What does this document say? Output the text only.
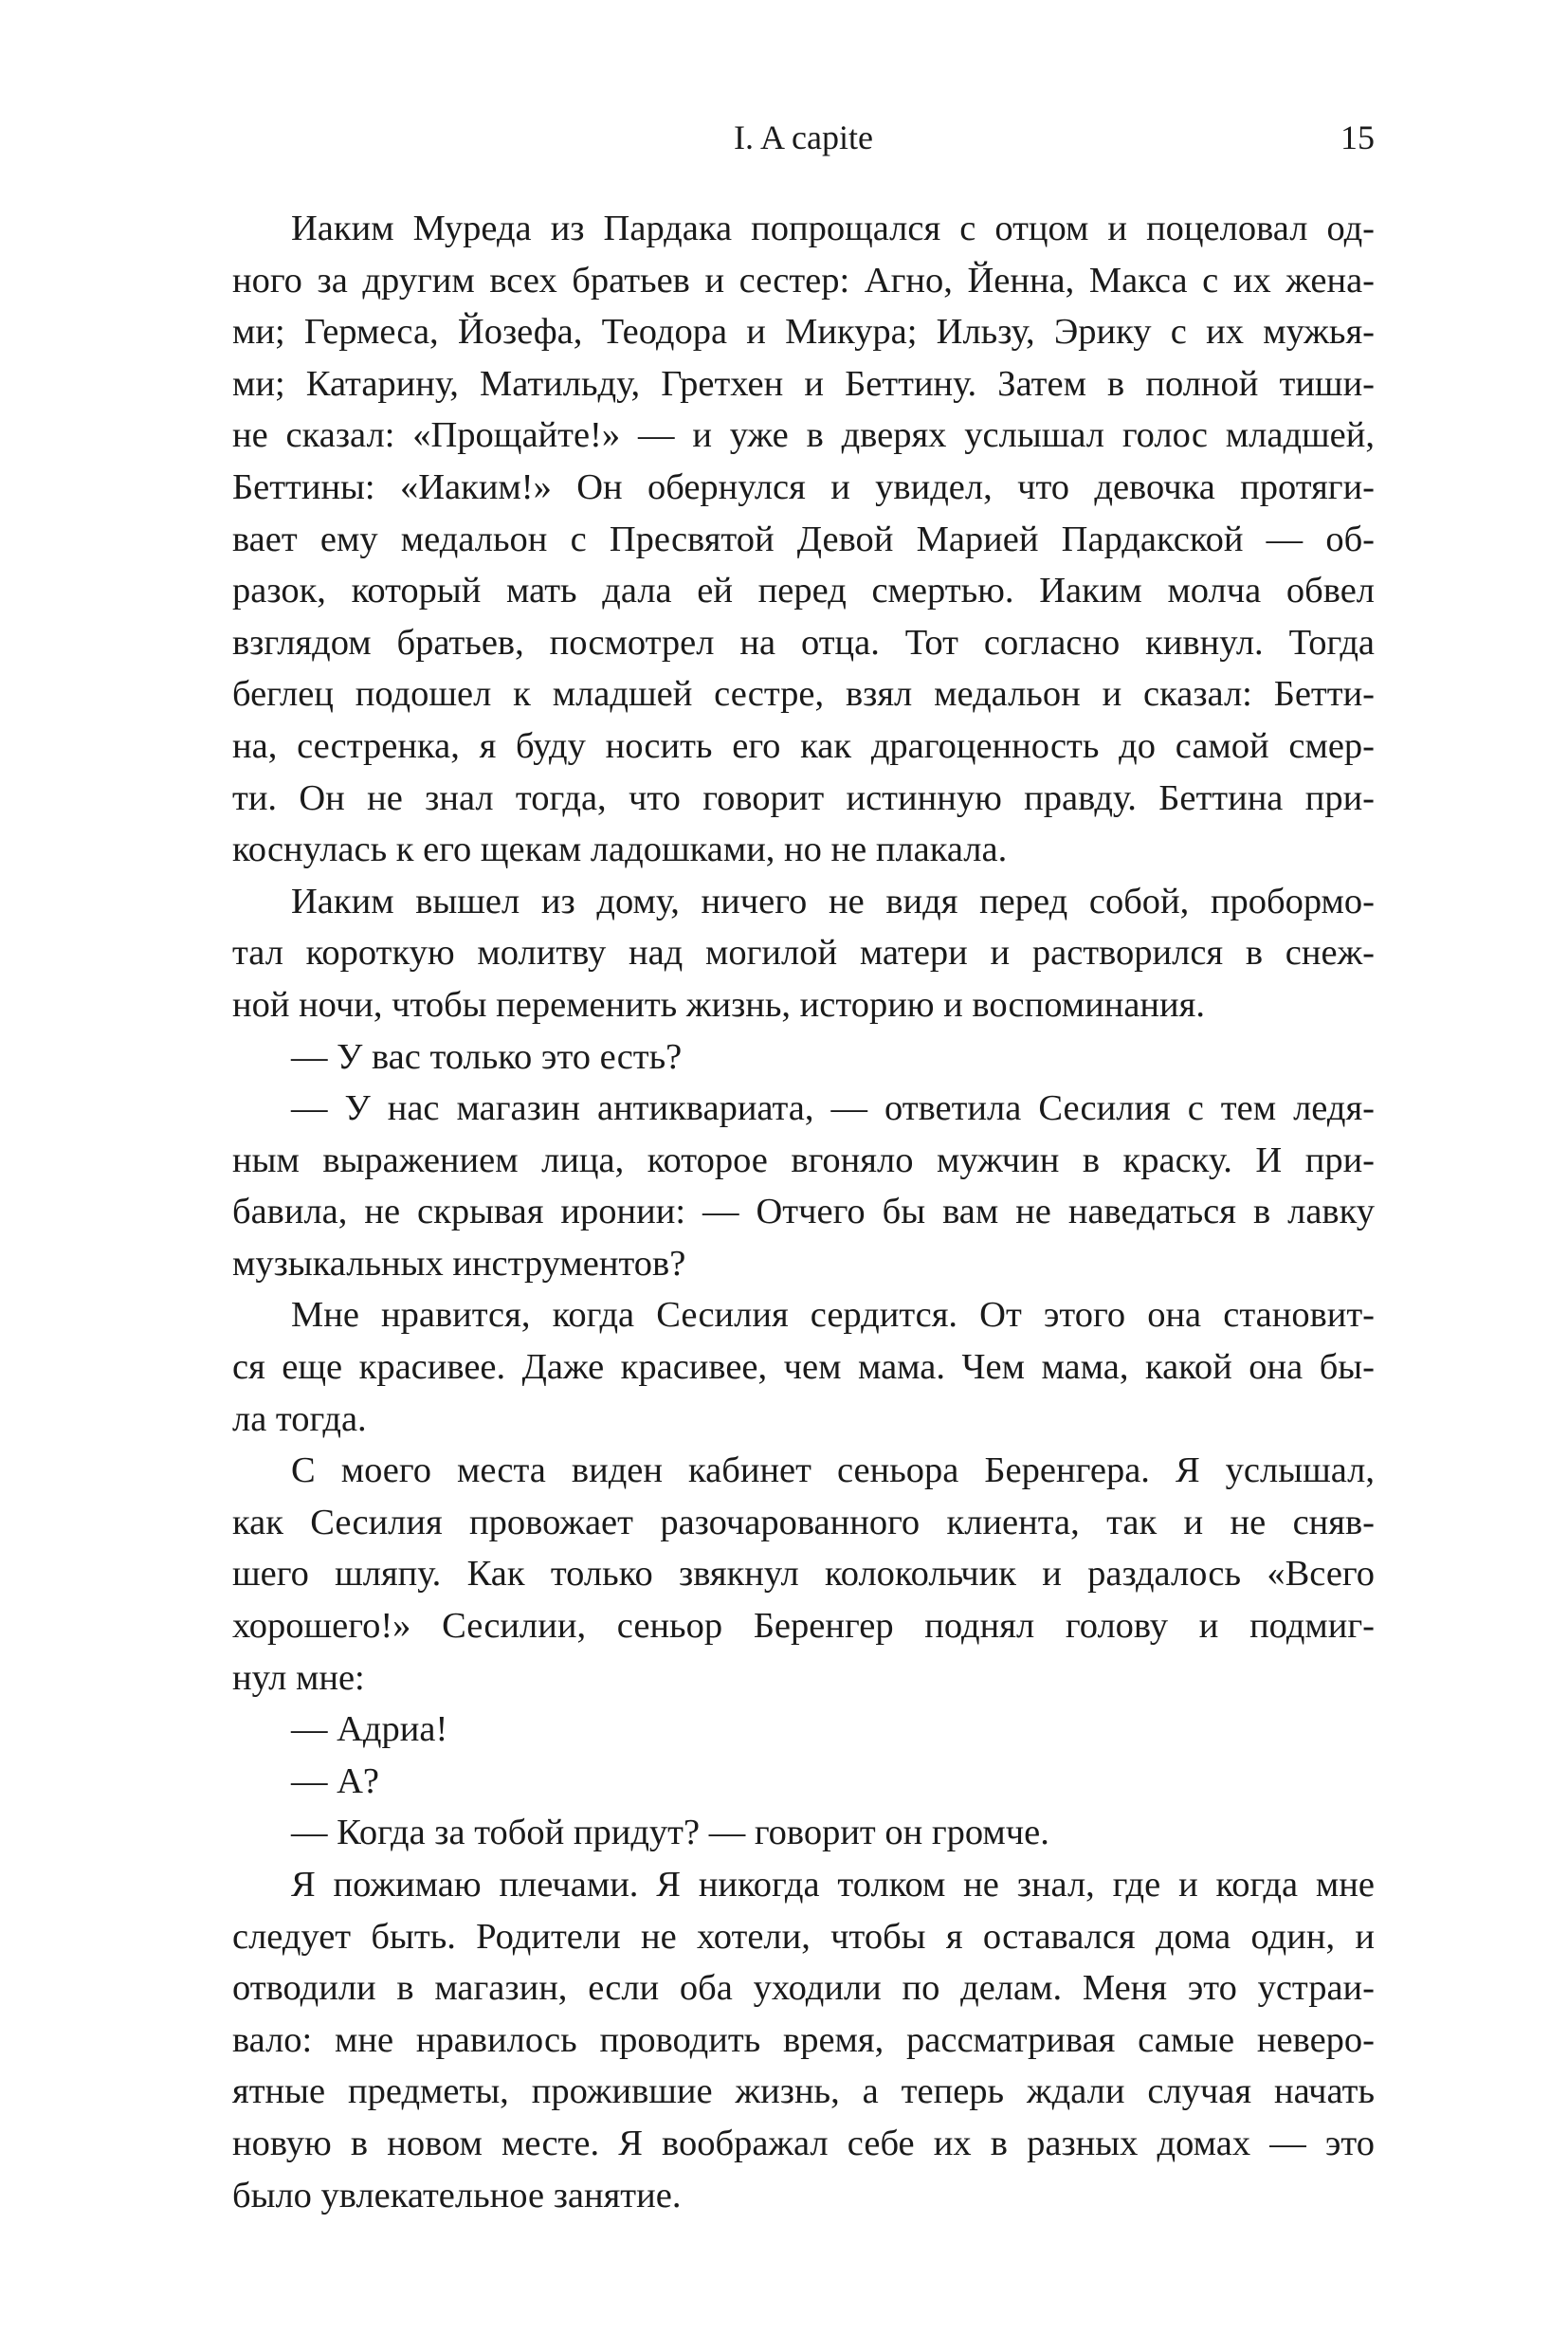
I. A capite	15
Иаким Муреда из Пардака попрощался с отцом и поцеловал од-
ного за другим всех братьев и сестер: Агно, Йенна, Макса с их жена-
ми; Гермеса, Йозефа, Теодора и Микура; Ильзу, Эрику с их мужья-
ми; Катарину, Матильду, Гретхен и Беттину. Затем в полной тиши-
не сказал: «Прощайте!» — и уже в дверях услышал голос младшей,
Беттины: «Иаким!» Он обернулся и увидел, что девочка протяги-
вает ему медальон с Пресвятой Девой Марией Пардакской — об-
разок, который мать дала ей перед смертью. Иаким молча обвел
взглядом братьев, посмотрел на отца. Тот согласно кивнул. Тогда
беглец подошел к младшей сестре, взял медальон и сказал: Бетти-
на, сестренка, я буду носить его как драгоценность до самой смер-
ти. Он не знал тогда, что говорит истинную правду. Беттина при-
коснулась к его щекам ладошками, но не плакала.
Иаким вышел из дому, ничего не видя перед собой, пробормо-
тал короткую молитву над могилой матери и растворился в снеж-
ной ночи, чтобы переменить жизнь, историю и воспоминания.
— У вас только это есть?
— У нас магазин антиквариата, — ответила Сесилия с тем ледя-
ным выражением лица, которое вгоняло мужчин в краску. И при-
бавила, не скрывая иронии: — Отчего бы вам не наведаться в лавку
музыкальных инструментов?
Мне нравится, когда Сесилия сердится. От этого она становит-
ся еще красивее. Даже красивее, чем мама. Чем мама, какой она бы-
ла тогда.
С моего места виден кабинет сеньора Беренгера. Я услышал,
как Сесилия провожает разочарованного клиента, так и не сняв-
шего шляпу. Как только звякнул колокольчик и раздалось «Всего
хорошего!» Сесилии, сеньор Беренгер поднял голову и подмиг-
нул мне:
— Адриа!
— А?
— Когда за тобой придут? — говорит он громче.
Я пожимаю плечами. Я никогда толком не знал, где и когда мне
следует быть. Родители не хотели, чтобы я оставался дома один, и
отводили в магазин, если оба уходили по делам. Меня это устраи-
вало: мне нравилось проводить время, рассматривая самые неверо-
ятные предметы, прожившие жизнь, а теперь ждали случая начать
новую в новом месте. Я воображал себе их в разных домах — это
было увлекательное занятие.
